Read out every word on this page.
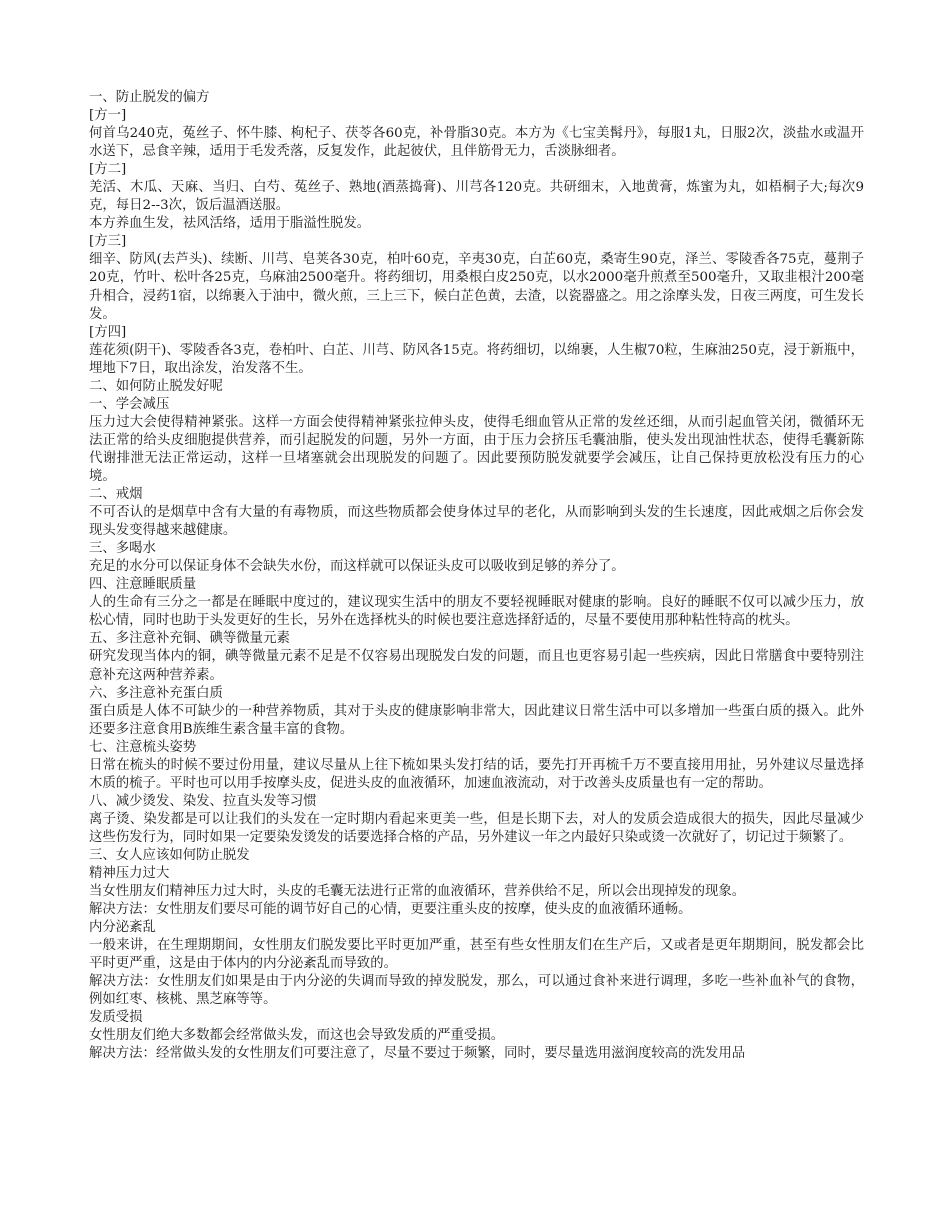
一、防止脱发的偏方

[方一]

何首乌240克，菟丝子、怀牛膝、枸杞子、茯苓各60克，补骨脂30克。本方为《七宝美髯丹》，每服1丸，日服2次，淡盐水或温开水送下，忌食辛辣，适用于毛发秃落，反复发作，此起彼伏，且伴筋骨无力，舌淡脉细者。

[方二]

羌活、木瓜、天麻、当归、白芍、菟丝子、熟地(酒蒸捣膏)、川芎各120克。共研细末，入地黄膏，炼蜜为丸，如梧桐子大;每次9克，每日2--3次，饭后温酒送服。

本方养血生发，祛风活络，适用于脂溢性脱发。

[方三]

细辛、防风(去芦头)、续断、川芎、皂荚各30克，柏叶60克，辛夷30克，白芷60克，桑寄生90克，泽兰、零陵香各75克，蔓荆子20克，竹叶、松叶各25克，乌麻油2500毫升。将药细切，用桑根白皮250克，以水2000毫升煎煮至500毫升，又取韭根汁200毫升相合，浸药1宿，以绵裹入于油中，微火煎，三上三下，候白芷色黄，去渣，以瓷器盛之。用之涂摩头发，日夜三两度，可生发长发。

[方四]

莲花须(阴干)、零陵香各3克，卷柏叶、白芷、川芎、防风各15克。将药细切，以绵裹，人生椒70粒，生麻油250克，浸于新瓶中，埋地下7日，取出涂发，治发落不生。

二、如何防止脱发好呢

一、学会减压

压力过大会使得精神紧张。这样一方面会使得精神紧张拉伸头皮，使得毛细血管从正常的发丝还细，从而引起血管关闭，微循环无法正常的给头皮细胞提供营养，而引起脱发的问题，另外一方面，由于压力会挤压毛囊油脂，使头发出现油性状态，使得毛囊新陈代谢排泄无法正常运动，这样一旦堵塞就会出现脱发的问题了。因此要预防脱发就要学会减压，让自己保持更放松没有压力的心境。

二、戒烟

不可否认的是烟草中含有大量的有毒物质，而这些物质都会使身体过早的老化，从而影响到头发的生长速度，因此戒烟之后你会发现头发变得越来越健康。

三、多喝水

充足的水分可以保证身体不会缺失水份，而这样就可以保证头皮可以吸收到足够的养分了。

四、注意睡眠质量

人的生命有三分之一都是在睡眠中度过的，建议现实生活中的朋友不要轻视睡眠对健康的影响。良好的睡眠不仅可以减少压力，放松心情，同时也助于头发更好的生长，另外在选择枕头的时候也要注意选择舒适的，尽量不要使用那种粘性特高的枕头。

五、多注意补充铜、碘等微量元素

研究发现当体内的铜，碘等微量元素不足是不仅容易出现脱发白发的问题，而且也更容易引起一些疾病，因此日常膳食中要特别注意补充这两种营养素。

六、多注意补充蛋白质

蛋白质是人体不可缺少的一种营养物质，其对于头皮的健康影响非常大，因此建议日常生活中可以多增加一些蛋白质的摄入。此外还要多注意食用B族维生素含量丰富的食物。

七、注意梳头姿势

日常在梳头的时候不要过份用量，建议尽量从上往下梳如果头发打结的话，要先打开再梳千万不要直接用用扯，另外建议尽量选择木质的梳子。平时也可以用手按摩头皮，促进头皮的血液循环，加速血液流动，对于改善头皮质量也有一定的帮助。

八、减少烫发、染发、拉直头发等习惯

离子烫、染发都是可以让我们的头发在一定时期内看起来更美一些，但是长期下去，对人的发质会造成很大的损失，因此尽量减少这些伤发行为，同时如果一定要染发烫发的话要选择合格的产品，另外建议一年之内最好只染或烫一次就好了，切记过于频繁了。

三、女人应该如何防止脱发

精神压力过大

当女性朋友们精神压力过大时，头皮的毛囊无法进行正常的血液循环，营养供给不足，所以会出现掉发的现象。

解决方法：女性朋友们要尽可能的调节好自己的心情，更要注重头皮的按摩，使头皮的血液循环通畅。

内分泌紊乱

一般来讲，在生理期期间，女性朋友们脱发要比平时更加严重，甚至有些女性朋友们在生产后，又或者是更年期期间，脱发都会比平时更严重，这是由于体内的内分泌紊乱而导致的。

解决方法：女性朋友们如果是由于内分泌的失调而导致的掉发脱发，那么，可以通过食补来进行调理，多吃一些补血补气的食物，例如红枣、核桃、黑芝麻等等。

发质受损

女性朋友们绝大多数都会经常做头发，而这也会导致发质的严重受损。

解决方法：经常做头发的女性朋友们可要注意了，尽量不要过于频繁，同时，要尽量选用滋润度较高的洗发用品
